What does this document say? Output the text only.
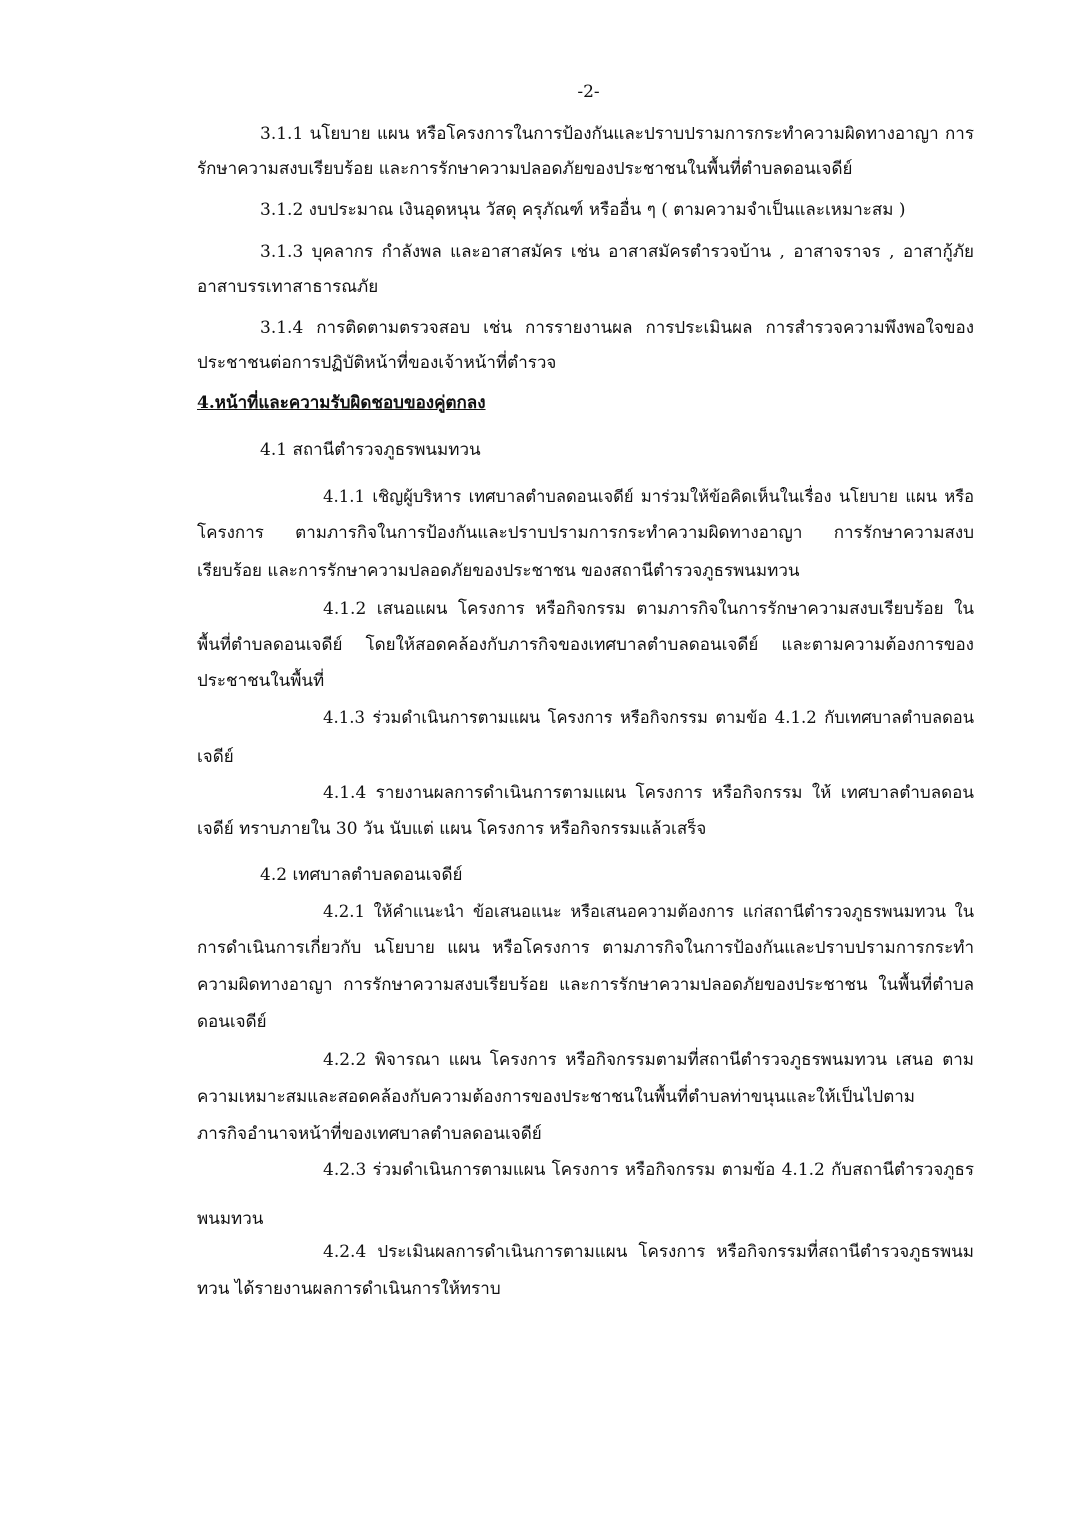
-2-
3.1.1 นโยบาย แผน หรือโครงการในการป้องกันและปราบปรามการกระทำความผิดทางอาญา การ
รักษาความสงบเรียบร้อย และการรักษาความปลอดภัยของประชาชนในพื้นที่ตำบลดอนเจดีย์
3.1.2 งบประมาณ เงินอุดหนุน วัสดุ ครุภัณฑ์ หรืออื่น ๆ ( ตามความจำเป็นและเหมาะสม )
3.1.3 บุคลากร กำลังพล และอาสาสมัคร เช่น อาสาสมัครตำรวจบ้าน , อาสาจราจร , อาสากู้ภัย
อาสาบรรเทาสาธารณภัย
3.1.4 การติดตามตรวจสอบ เช่น การรายงานผล การประเมินผล การสำรวจความพึงพอใจของ
ประชาชนต่อการปฏิบัติหน้าที่ของเจ้าหน้าที่ตำรวจ
4.หน้าที่และความรับผิดชอบของคู่ตกลง
4.1 สถานีตำรวจภูธรพนมทวน
4.1.1 เชิญผู้บริหาร เทศบาลตำบลดอนเจดีย์ มาร่วมให้ข้อคิดเห็นในเรื่อง นโยบาย แผน หรือ
โครงการ ตามภารกิจในการป้องกันและปราบปรามการกระทำความผิดทางอาญา การรักษาความสงบ
เรียบร้อย และการรักษาความปลอดภัยของประชาชน ของสถานีตำรวจภูธรพนมทวน
4.1.2 เสนอแผน โครงการ หรือกิจกรรม ตามภารกิจในการรักษาความสงบเรียบร้อย ใน
พื้นที่ตำบลดอนเจดีย์ โดยให้สอดคล้องกับภารกิจของเทศบาลตำบลดอนเจดีย์ และตามความต้องการของ
ประชาชนในพื้นที่
4.1.3 ร่วมดำเนินการตามแผน โครงการ หรือกิจกรรม ตามข้อ 4.1.2 กับเทศบาลตำบลดอน
เจดีย์
4.1.4 รายงานผลการดำเนินการตามแผน โครงการ หรือกิจกรรม ให้ เทศบาลตำบลดอน
เจดีย์ ทราบภายใน 30 วัน นับแต่ แผน โครงการ หรือกิจกรรมแล้วเสร็จ
4.2 เทศบาลตำบลดอนเจดีย์
4.2.1 ให้คำแนะนำ ข้อเสนอแนะ หรือเสนอความต้องการ แก่สถานีตำรวจภูธรพนมทวน ใน
การดำเนินการเกี่ยวกับ นโยบาย แผน หรือโครงการ ตามภารกิจในการป้องกันและปราบปรามการกระทำ
ความผิดทางอาญา การรักษาความสงบเรียบร้อย และการรักษาความปลอดภัยของประชาชน ในพื้นที่ตำบล
ดอนเจดีย์
4.2.2 พิจารณา แผน โครงการ หรือกิจกรรมตามที่สถานีตำรวจภูธรพนมทวน เสนอ ตาม
ความเหมาะสมและสอดคล้องกับความต้องการของประชาชนในพื้นที่ตำบลท่าขนุนและให้เป็นไปตาม
ภารกิจอำนาจหน้าที่ของเทศบาลตำบลดอนเจดีย์
4.2.3 ร่วมดำเนินการตามแผน โครงการ หรือกิจกรรม ตามข้อ 4.1.2 กับสถานีตำรวจภูธร
พนมทวน
4.2.4 ประเมินผลการดำเนินการตามแผน โครงการ หรือกิจกรรมที่สถานีตำรวจภูธรพนม
ทวน ได้รายงานผลการดำเนินการให้ทราบ
